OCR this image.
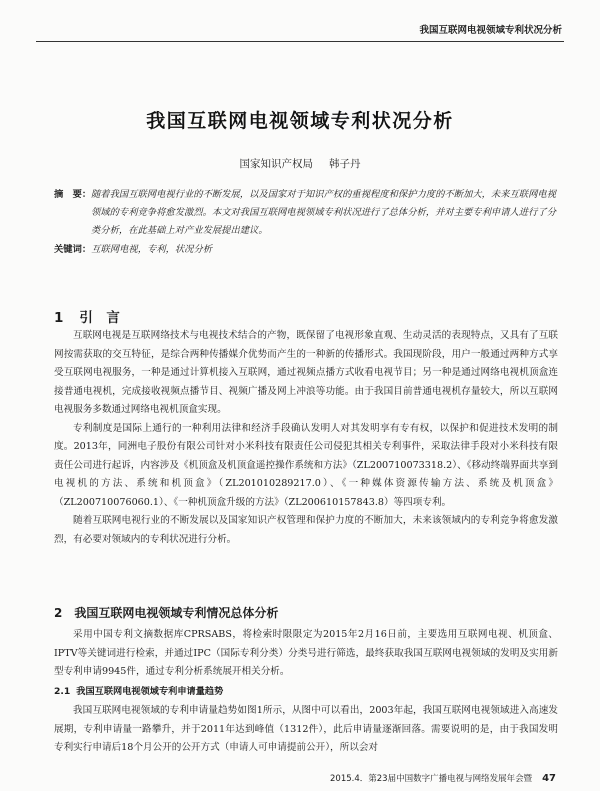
我国互联网电视领域专利状况分析
我国互联网电视领域专利状况分析
国家知识产权局 韩子丹
摘　要： 随着我国互联网电视行业的不断发展，以及国家对于知识产权的重视程度和保护力度的不断加大，未来互联网电视领域的专利竞争将愈发激烈。本文对我国互联网电视领域专利状况进行了总体分析，并对主要专利申请人进行了分类分析，在此基础上对产业发展提出建议。
关键词：互联网电视，专利，状况分析
1 引　言

互联网电视是互联网络技术与电视技术结合的产物，既保留了电视形象直观、生动灵活的表现特点，又具有了互联网按需获取的交互特征，是综合两种传播媒介优势而产生的一种新的传播形式。我国现阶段，用户一般通过两种方式享受互联网电视服务，一种是通过计算机接入互联网，通过视频点播方式收看电视节目；另一种是通过网络电视机顶盒连接普通电视机，完成接收视频点播节目、视频广播及网上冲浪等功能。由于我国目前普通电视机存量较大，所以互联网电视服务多数通过网络电视机顶盒实现。

专利制度是国际上通行的一种利用法律和经济手段确认发明人对其发明享有专有权，以保护和促进技术发明的制度。2013年，同洲电子股份有限公司针对小米科技有限责任公司侵犯其相关专利事件，采取法律手段对小米科技有限责任公司进行起诉，内容涉及《机顶盒及机顶盒遥控操作系统和方法》（ZL200710073318.2）、《移动终端界面共享到电视机的方法、系统和机顶盒》（ZL201010289217.0）、《一种媒体资源传输方法、系统及机顶盒》（ZL200710076060.1）、《一种机顶盒升级的方法》（ZL200610157843.8）等四项专利。

随着互联网电视行业的不断发展以及国家知识产权管理和保护力度的不断加大，未来该领域内的专利竞争将愈发激烈，有必要对领域内的专利状况进行分析。

2 我国互联网电视领域专利情况总体分析

采用中国专利文摘数据库CPRSABS，将检索时限限定为2015年2月16日前，主要选用互联网电视、机顶盒、IPTV等关键词进行检索，并通过IPC（国际专利分类）分类号进行筛选，最终获取我国互联网电视领域的发明及实用新型专利申请9945件，通过专利分析系统展开相关分析。

2.1 我国互联网电视领域专利申请量趋势

我国互联网电视领域的专利申请量趋势如图1所示，从图中可以看出，2003年起，我国互联网电视领域进入高速发展期，专利申请量一路攀升，并于2011年达到峰值（1312件），此后申请量逐渐回落。需要说明的是，由于我国发明专利实行申请后18个月公开的公开方式（申请人可申请提前公开），所以会对

2015.4．第23届中国数字广播电视与网络发展年会暨 47
